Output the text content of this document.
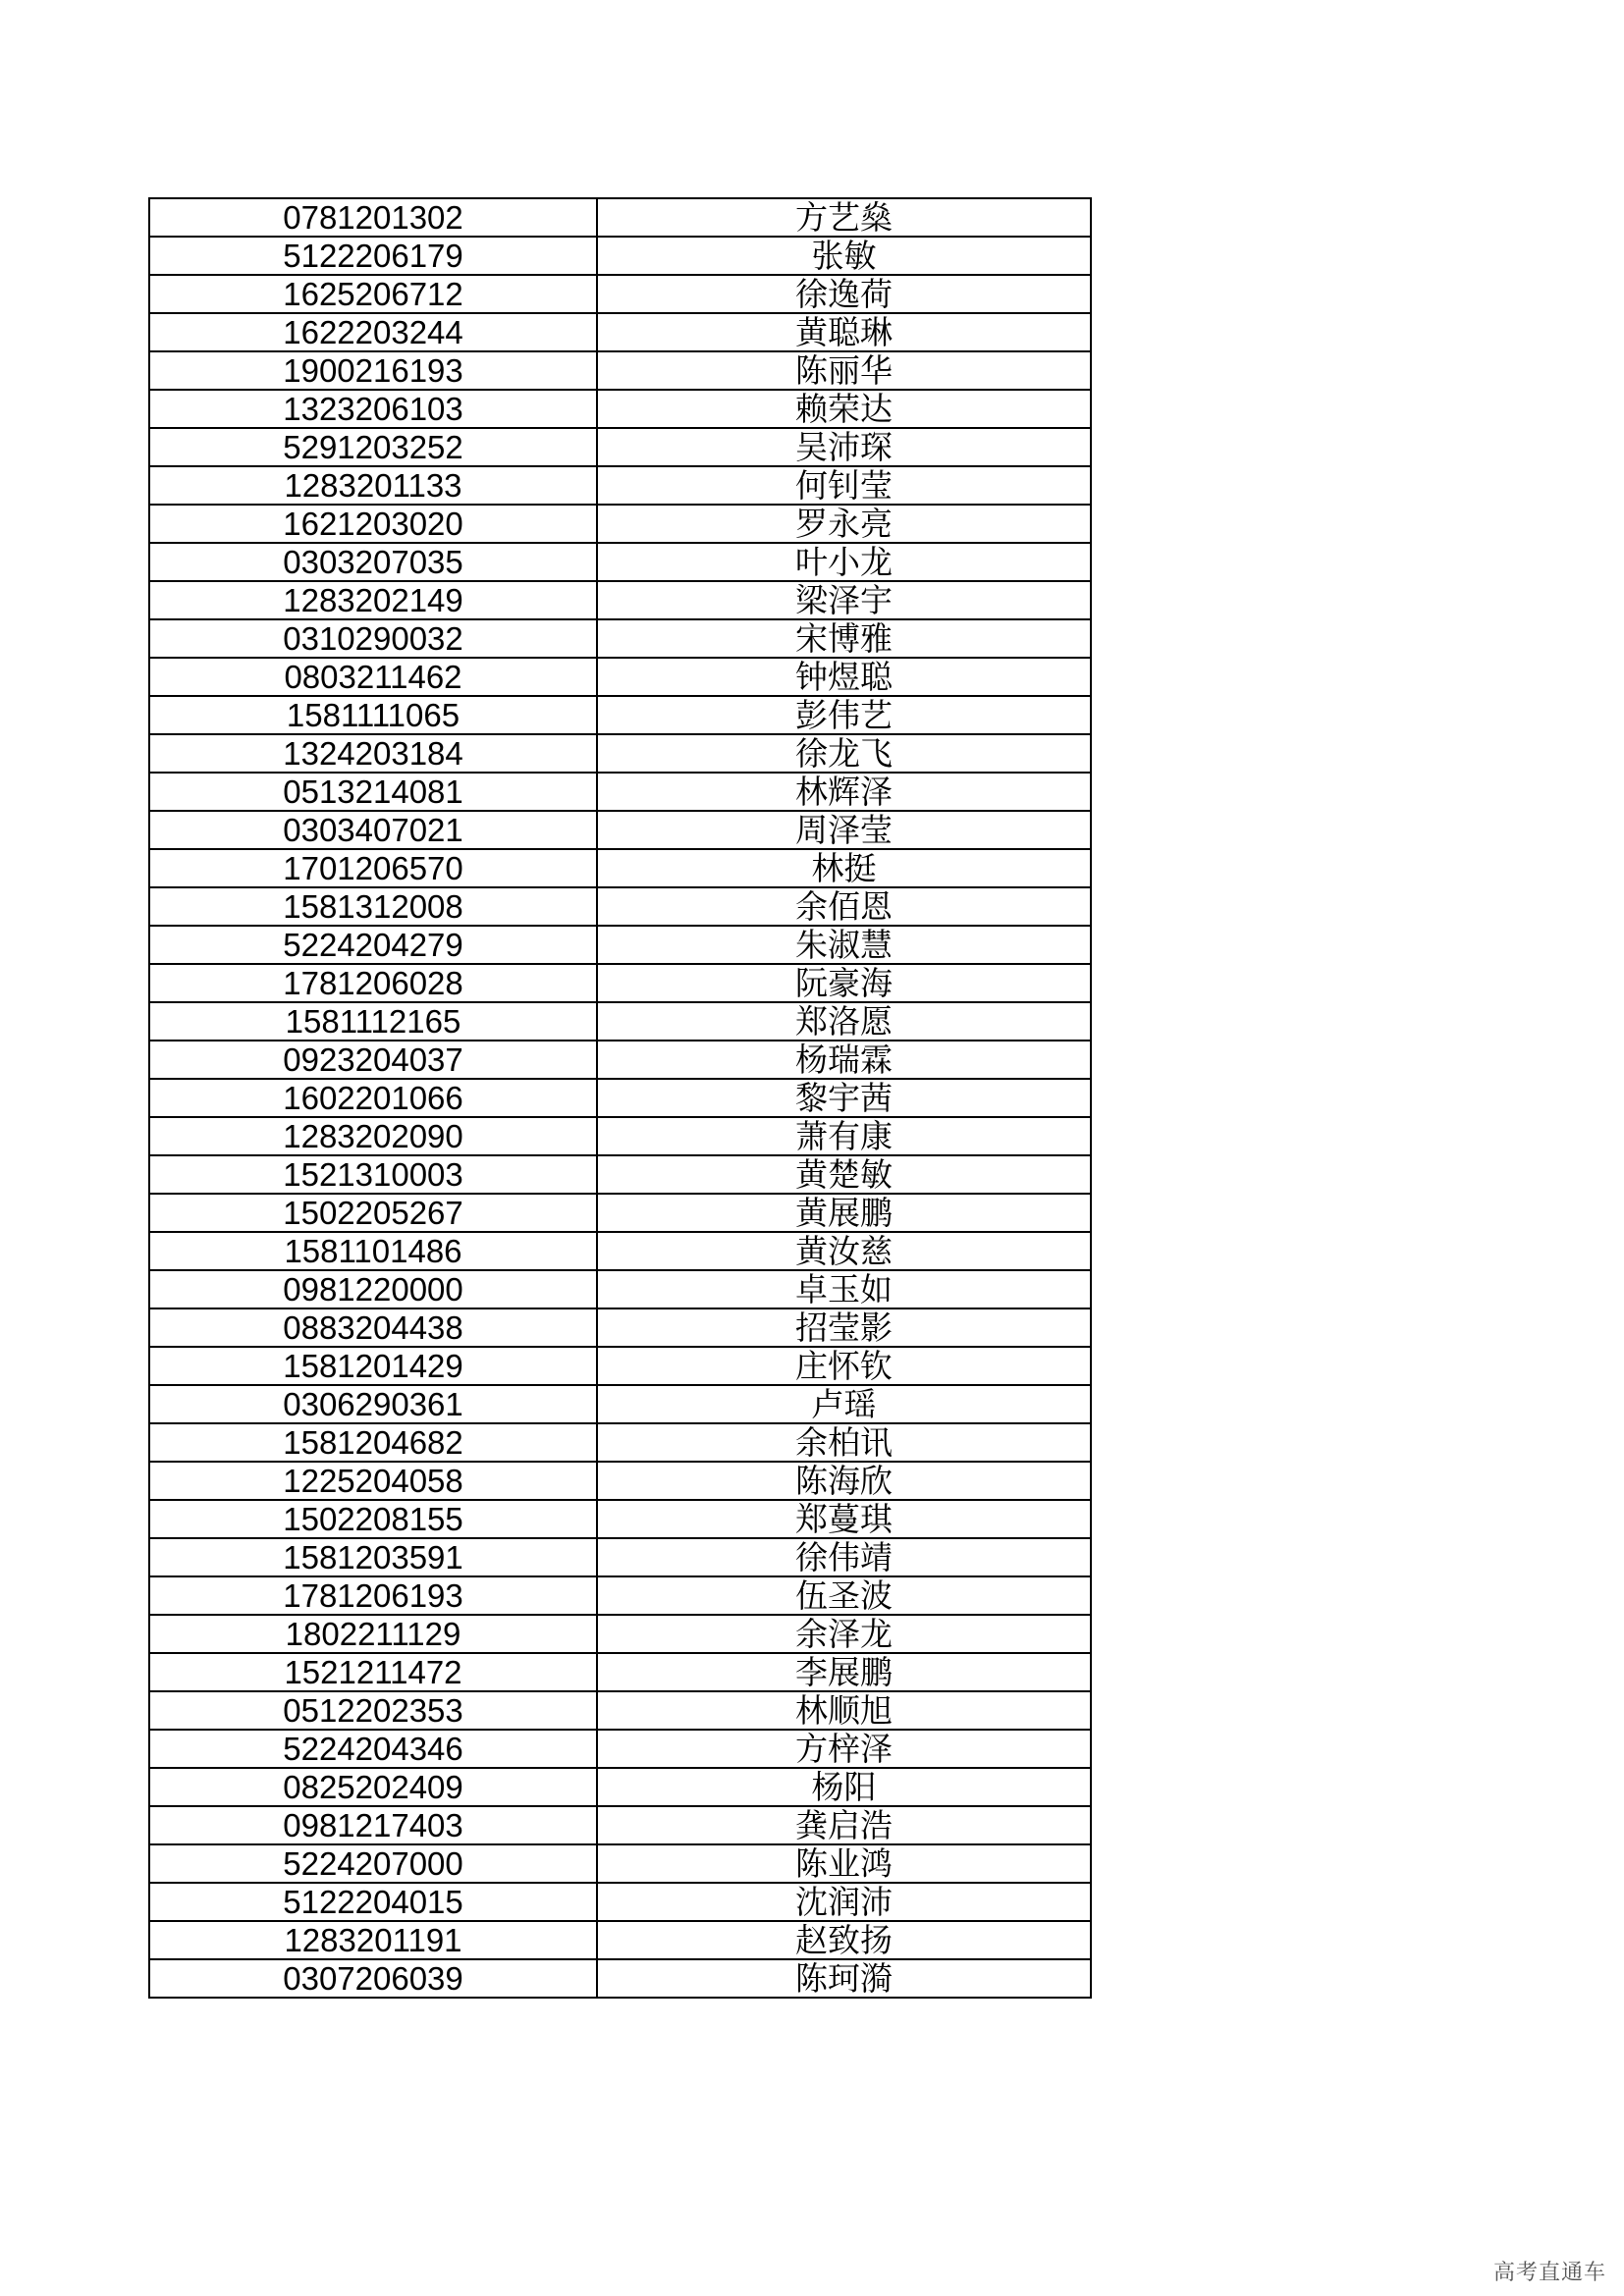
0781201302	方艺燊
5122206179	张敏
1625206712	徐逸荷
1622203244	黄聪琳
1900216193	陈丽华
1323206103	赖荣达
5291203252	吴沛琛
1283201133	何钊莹
1621203020	罗永亮
0303207035	叶小龙
1283202149	梁泽宇
0310290032	宋博雅
0803211462	钟煜聪
1581111065	彭伟艺
1324203184	徐龙飞
0513214081	林辉泽
0303407021	周泽莹
1701206570	林挺
1581312008	余佰恩
5224204279	朱淑慧
1781206028	阮豪海
1581112165	郑洛愿
0923204037	杨瑞霖
1602201066	黎宇茜
1283202090	萧有康
1521310003	黄楚敏
1502205267	黄展鹏
1581101486	黄汝慈
0981220000	卓玉如
0883204438	招莹影
1581201429	庄怀钦
0306290361	卢瑶
1581204682	余柏讯
1225204058	陈海欣
1502208155	郑蔓琪
1581203591	徐伟靖
1781206193	伍圣波
1802211129	余泽龙
1521211472	李展鹏
0512202353	林顺旭
5224204346	方梓泽
0825202409	杨阳
0981217403	龚启浩
5224207000	陈业鸿
5122204015	沈润沛
1283201191	赵致扬
0307206039	陈珂漪
高考直通车
